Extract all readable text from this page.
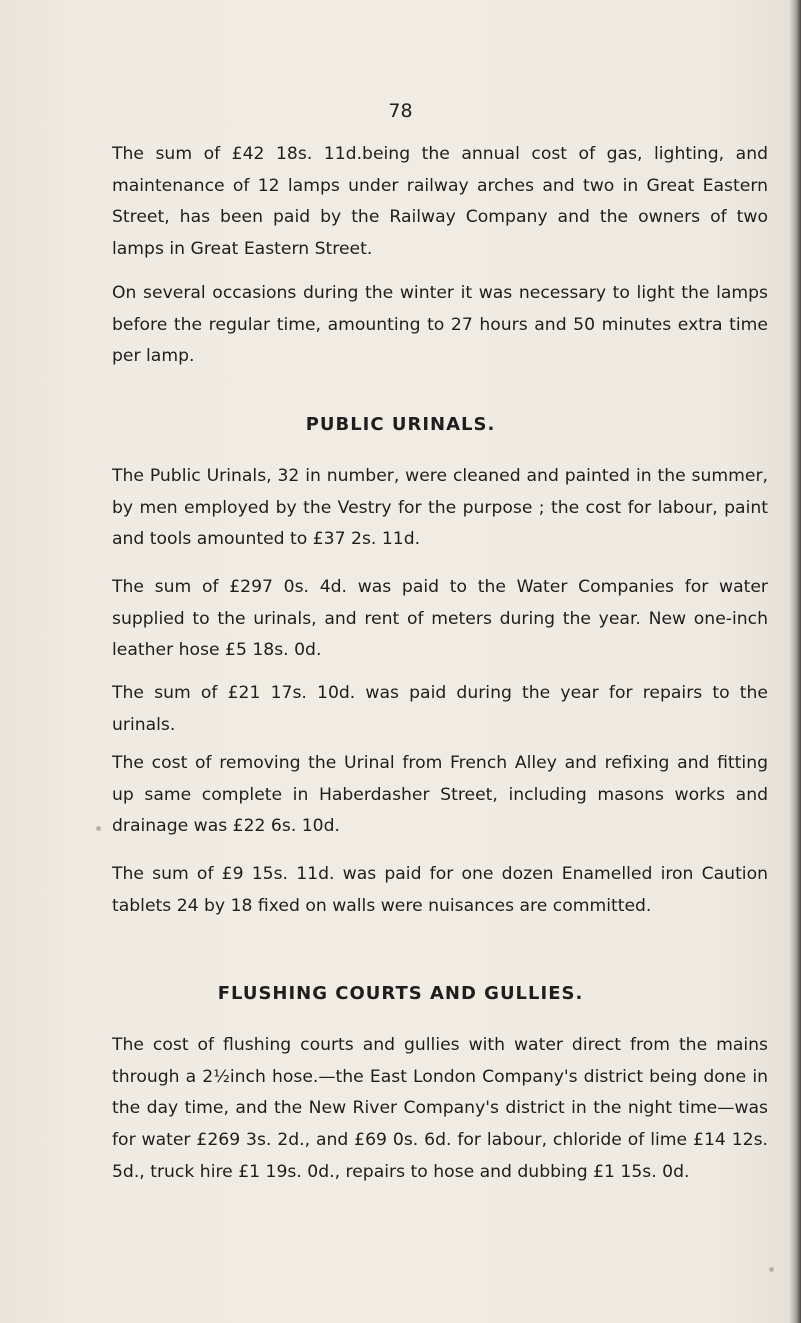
78

The sum of £42 18s. 11d.being the annual cost of gas, lighting, and maintenance of 12 lamps under railway arches and two in Great Eastern Street, has been paid by the Railway Company and the owners of two lamps in Great Eastern Street.

On several occasions during the winter it was necessary to light the lamps before the regular time, amounting to 27 hours and 50 minutes extra time per lamp.

PUBLIC URINALS.

The Public Urinals, 32 in number, were cleaned and painted in the summer, by men employed by the Vestry for the purpose ; the cost for labour, paint and tools amounted to £37 2s. 11d.

The sum of £297 0s. 4d. was paid to the Water Companies for water supplied to the urinals, and rent of meters during the year. New one-inch leather hose £5 18s. 0d.

The sum of £21 17s. 10d. was paid during the year for repairs to the urinals.

The cost of removing the Urinal from French Alley and refixing and fitting up same complete in Haberdasher Street, including masons works and drainage was £22 6s. 10d.

The sum of £9 15s. 11d. was paid for one dozen Enamelled iron Caution tablets 24 by 18 fixed on walls were nuisances are committed.

FLUSHING COURTS AND GULLIES.

The cost of flushing courts and gullies with water direct from the mains through a 2½inch hose.—the East London Company's district being done in the day time, and the New River Company's district in the night time—was for water £269 3s. 2d., and £69 0s. 6d. for labour, chloride of lime £14 12s. 5d., truck hire £1 19s. 0d., repairs to hose and dubbing £1 15s. 0d.
